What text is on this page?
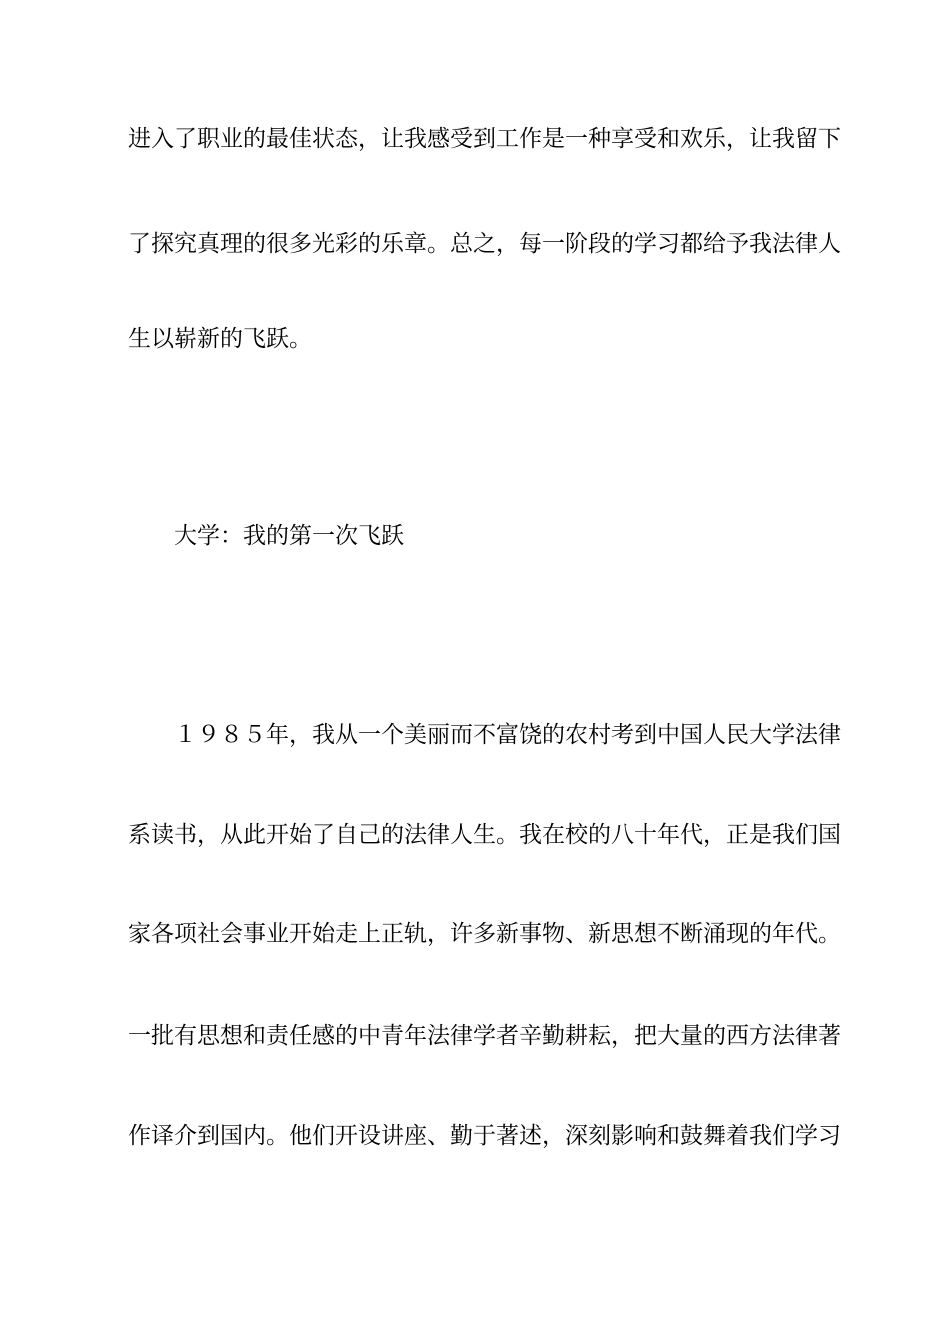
进入了职业的最佳状态，让我感受到工作是一种享受和欢乐，让我留下
了探究真理的很多光彩的乐章。总之，每一阶段的学习都给予我法律人
生以崭新的飞跃。
大学：我的第一次飞跃
１９８５年，我从一个美丽而不富饶的农村考到中国人民大学法律
系读书，从此开始了自己的法律人生。我在校的八十年代，正是我们国
家各项社会事业开始走上正轨，许多新事物、新思想不断涌现的年代。
一批有思想和责任感的中青年法律学者辛勤耕耘，把大量的西方法律著
作译介到国内。他们开设讲座、勤于著述，深刻影响和鼓舞着我们学习
